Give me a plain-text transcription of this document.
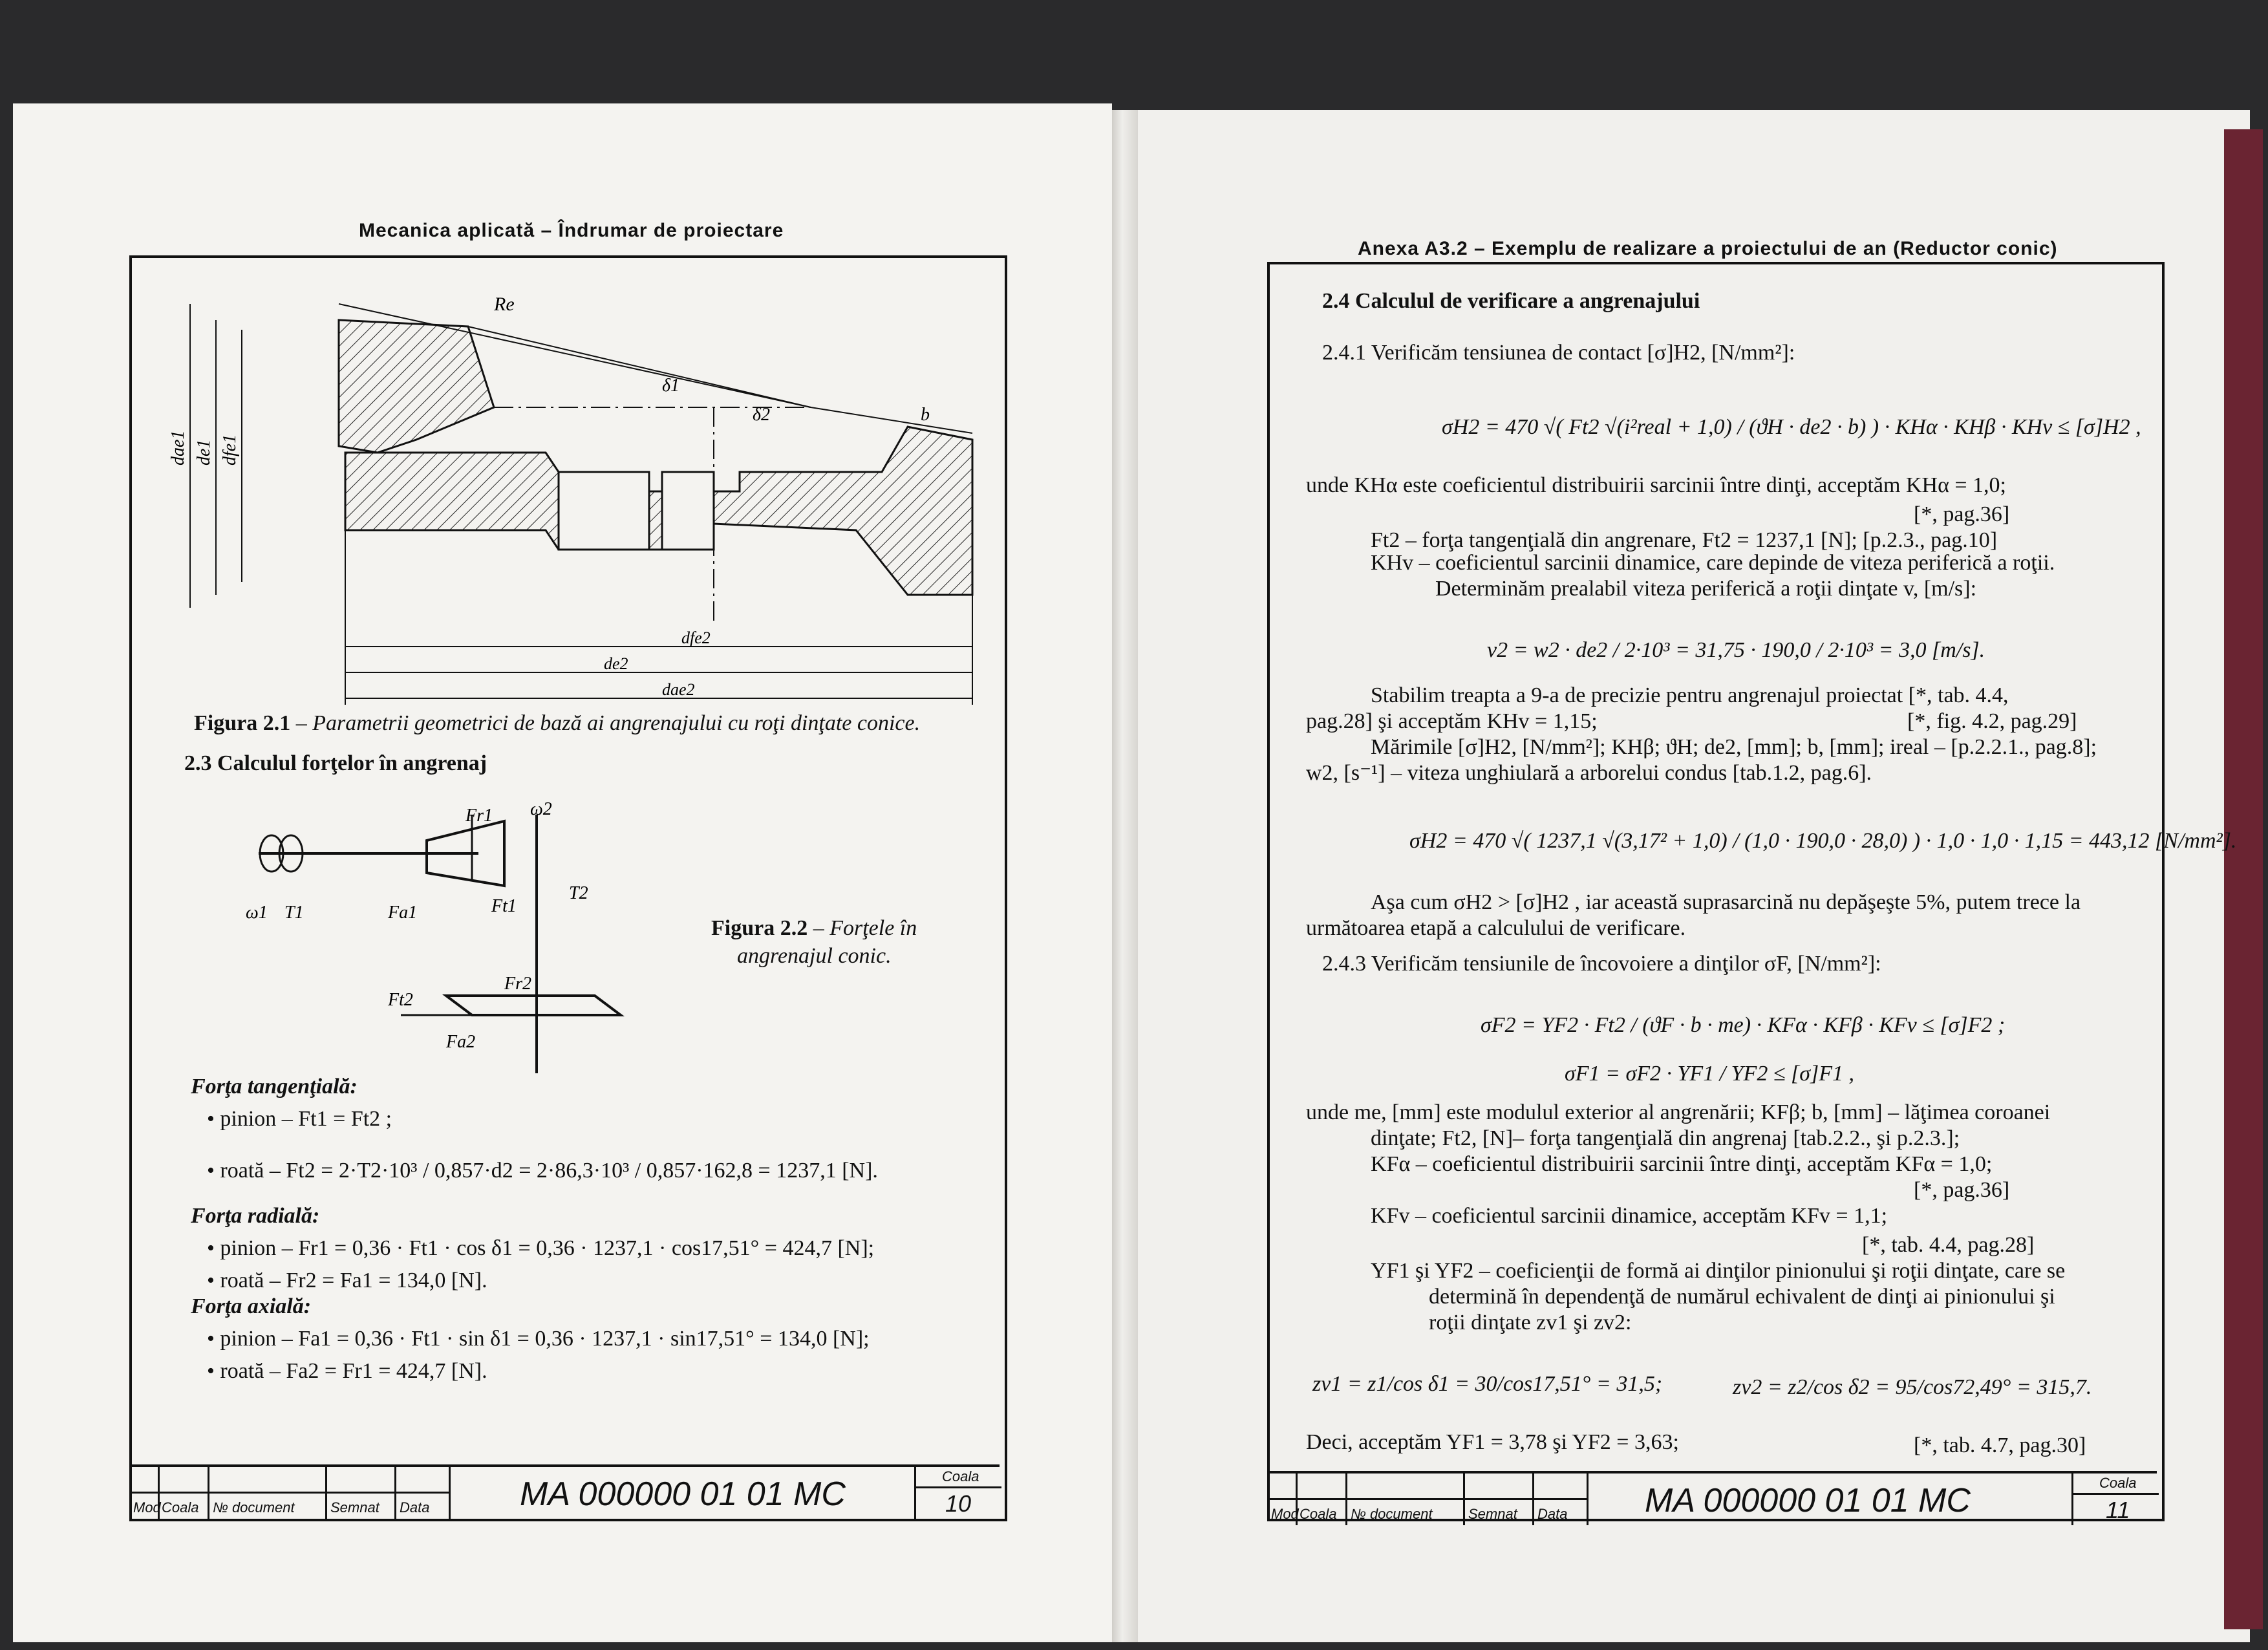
Mecanica aplicată – Îndrumar de proiectare
Re
b
dae1 de1 dfe1
δ1
δ2
dfe2
de2
dae2
Figura 2.1 – Parametrii geometrici de bază ai angrenajului cu roţi dinţate conice.
2.3 Calculul forţelor în angrenaj
Fr1 ω2
Ft1
T2
Fa1
ω1 T1
Ft2
Fr2
Fa2
Figura 2.2 – Forţele în
angrenajul conic.
Forţa tangenţială:
• pinion – Ft1 = Ft2 ;
• roată – Ft2 = 2·T2·10³ / 0,857·d2 = 2·86,3·10³ / 0,857·162,8 = 1237,1 [N].
Forţa radială:
• pinion – Fr1 = 0,36 · Ft1 · cos δ1 = 0,36 · 1237,1 · cos17,51° = 424,7 [N];
• roată – Fr2 = Fa1 = 134,0 [N].
Forţa axială:
• pinion – Fa1 = 0,36 · Ft1 · sin δ1 = 0,36 · 1237,1 · sin17,51° = 134,0 [N];
• roată – Fa2 = Fr1 = 424,7 [N].
Mod Coala № document	Semnat Data	MA 000000 01 01 MC	Coala
10
Anexa A3.2 – Exemplu de realizare a proiectului de an (Reductor conic)
2.4 Calculul de verificare a angrenajului
2.4.1 Verificăm tensiunea de contact [σ]H2, [N/mm²]:
σH2 = 470 √( Ft2 √(i²real + 1,0) / (ϑH · de2 · b) ) · KHα · KHβ · KHv ≤ [σ]H2 ,
unde KHα este coeficientul distribuirii sarcinii între dinţi, acceptăm KHα = 1,0;
[*, pag.36]
Ft2 – forţa tangenţială din angrenare, Ft2 = 1237,1 [N]; [p.2.3., pag.10]
KHv – coeficientul sarcinii dinamice, care depinde de viteza periferică a roţii.
Determinăm prealabil viteza periferică a roţii dinţate v, [m/s]:
v2 = w2 · de2 / 2·10³ = 31,75 · 190,0 / 2·10³ = 3,0 [m/s].
Stabilim treapta a 9-a de precizie pentru angrenajul proiectat [*, tab. 4.4,
pag.28] şi acceptăm KHv = 1,15;	[*, fig. 4.2, pag.29]
Mărimile [σ]H2, [N/mm²]; KHβ; ϑH; de2, [mm]; b, [mm]; ireal – [p.2.2.1., pag.8];
w2, [s⁻¹] – viteza unghiulară a arborelui condus [tab.1.2, pag.6].
σH2 = 470 √( 1237,1 √(3,17² + 1,0) / (1,0 · 190,0 · 28,0) ) · 1,0 · 1,0 · 1,15 = 443,12 [N/mm²].
Aşa cum σH2 > [σ]H2 , iar această suprasarcină nu depăşeşte 5%, putem trece la
următoarea etapă a calculului de verificare.
2.4.3 Verificăm tensiunile de încovoiere a dinţilor σF, [N/mm²]:
σF2 = YF2 · Ft2 / (ϑF · b · me) · KFα · KFβ · KFv ≤ [σ]F2 ;
σF1 = σF2 · YF1 / YF2 ≤ [σ]F1 ,
unde me, [mm] este modulul exterior al angrenării; KFβ; b, [mm] – lăţimea coroanei
dinţate; Ft2, [N]– forţa tangenţială din angrenaj [tab.2.2., şi p.2.3.];
KFα – coeficientul distribuirii sarcinii între dinţi, acceptăm KFα = 1,0;
[*, pag.36]
KFv – coeficientul sarcinii dinamice, acceptăm KFv = 1,1;
[*, tab. 4.4, pag.28]
YF1 şi YF2 – coeficienţii de formă ai dinţilor pinionului şi roţii dinţate, care se
determină în dependenţă de numărul echivalent de dinţi ai pinionului şi
roţii dinţate zv1 şi zv2:
zv1 = z1/cos δ1 = 30/cos17,51° = 31,5;	zv2 = z2/cos δ2 = 95/cos72,49° = 315,7.
Deci, acceptăm YF1 = 3,78 şi YF2 = 3,63;	[*, tab. 4.7, pag.30]
Mod Coala № document	Semnat Data MA 000000 01 01 MC	Coala
11
